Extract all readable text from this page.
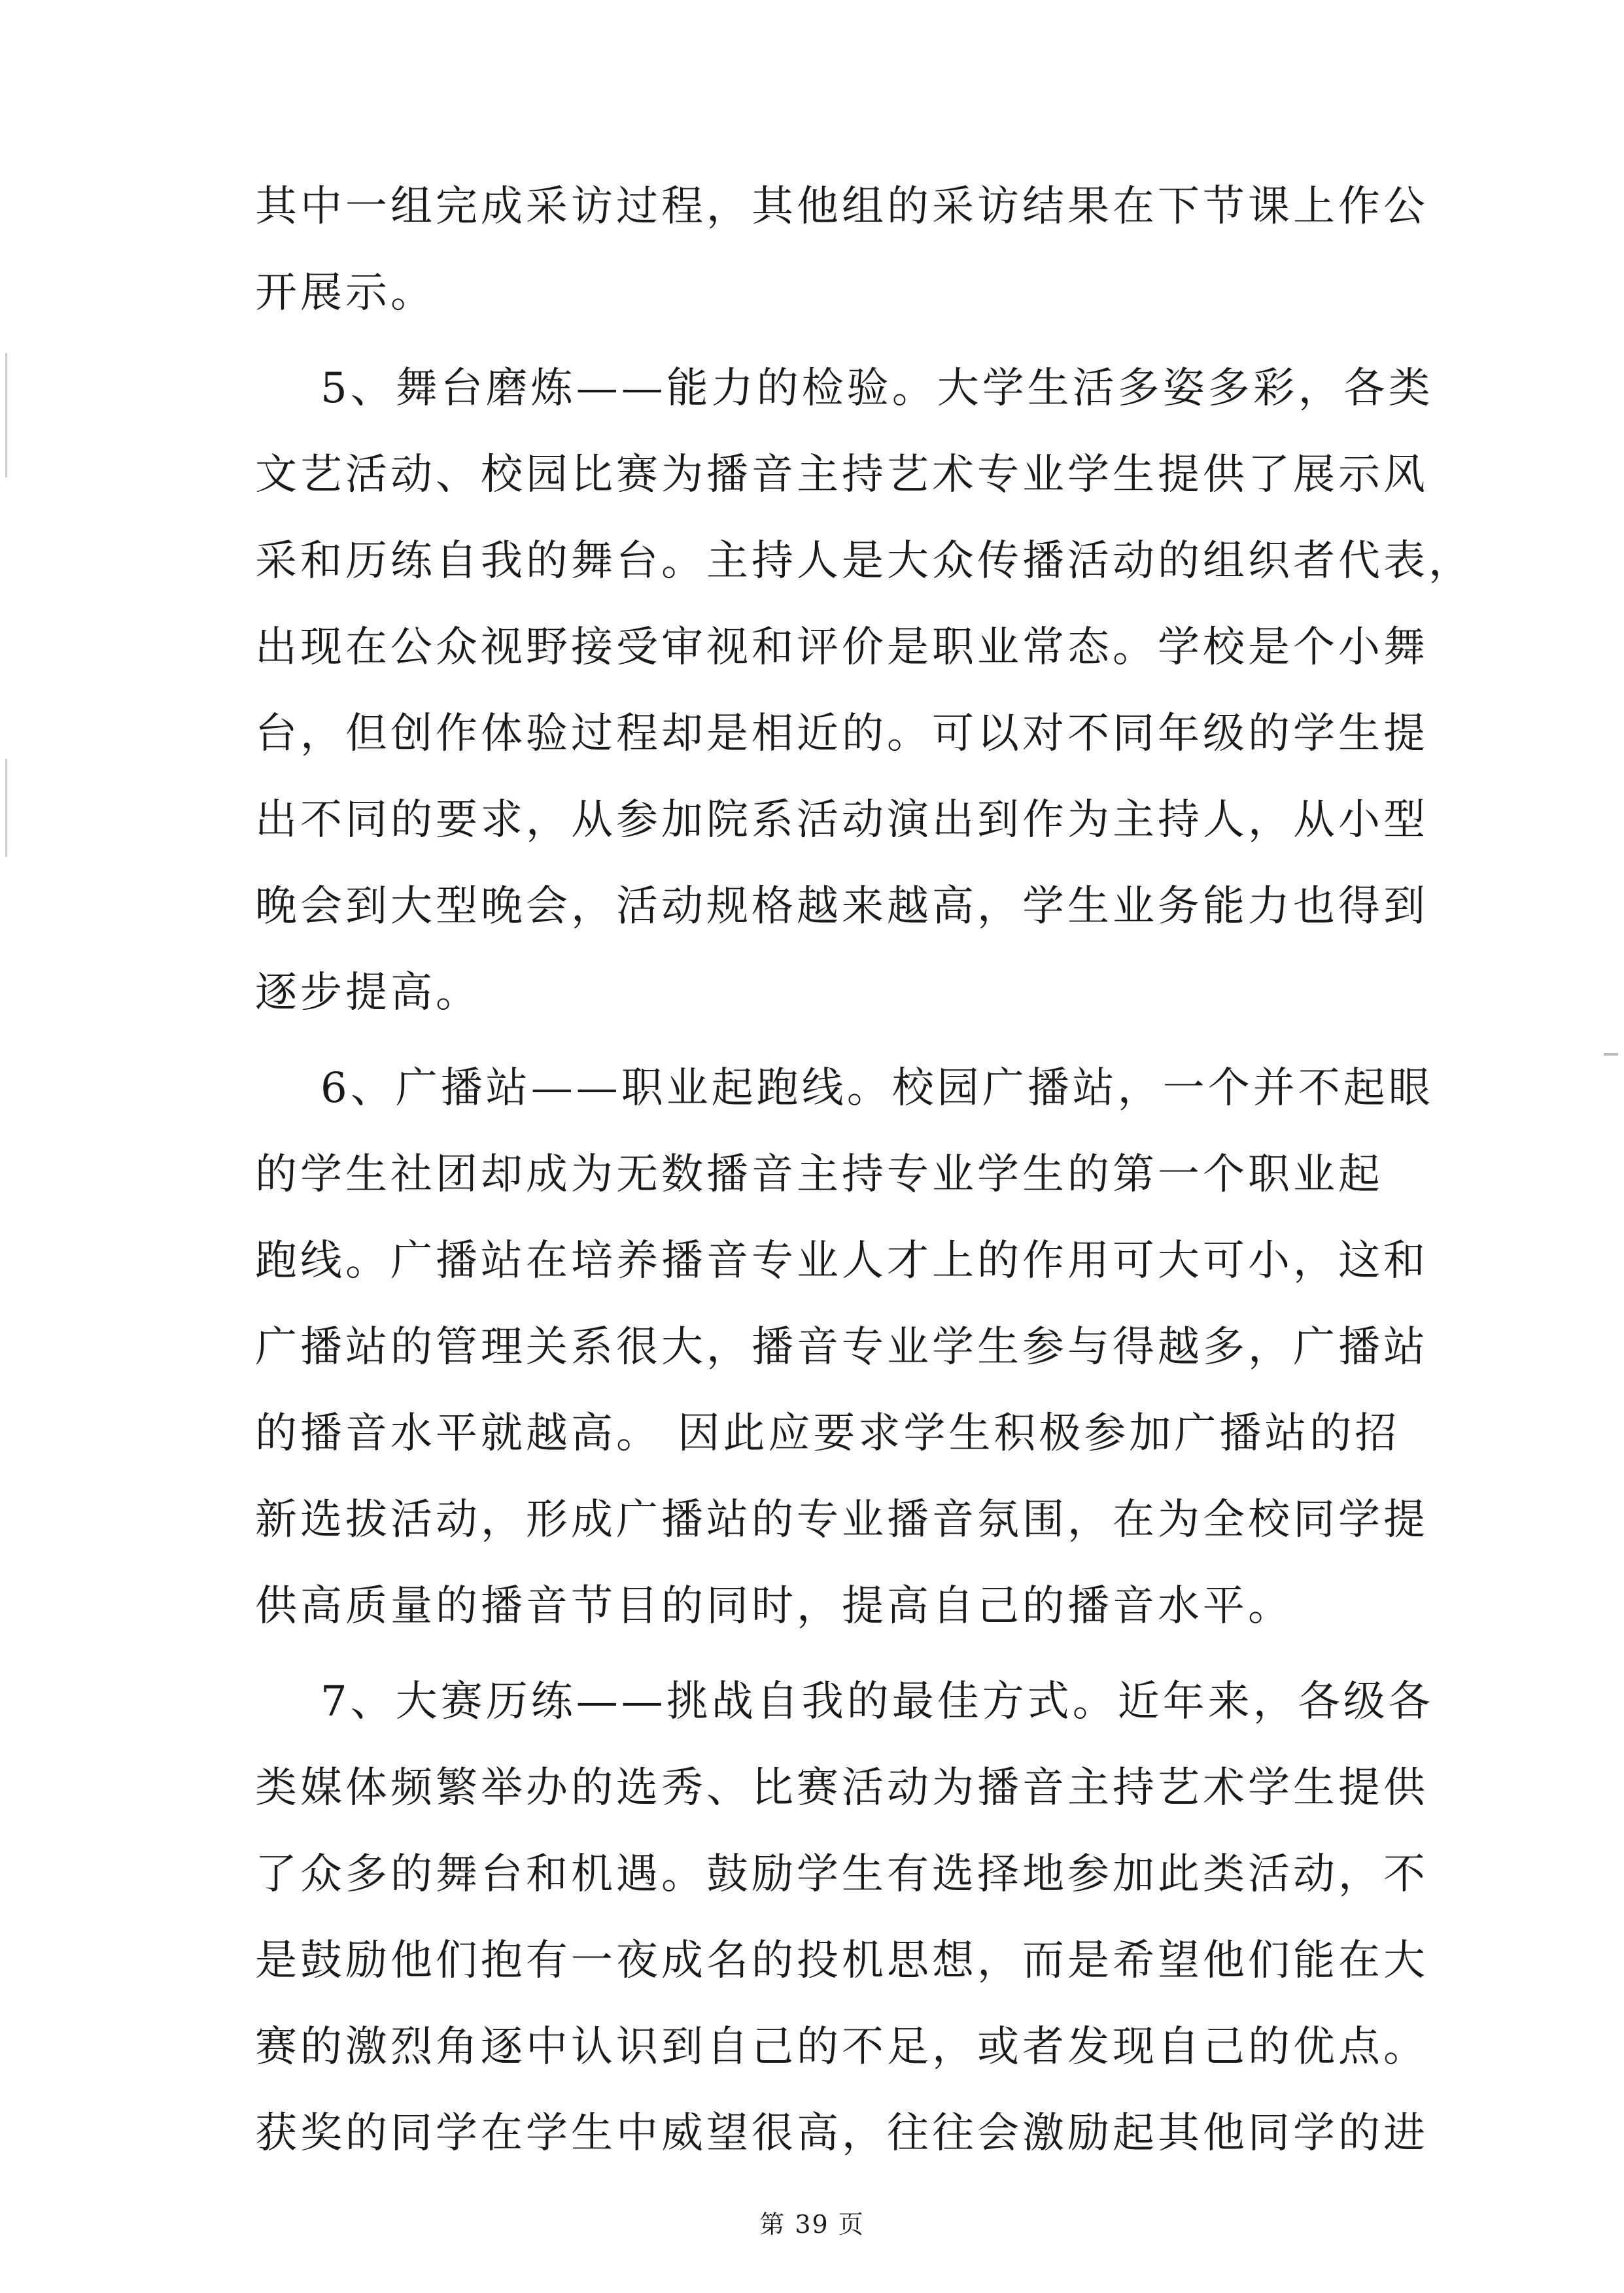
其中一组完成采访过程，其他组的采访结果在下节课上作公
开展示。
5、舞台磨炼——能力的检验。大学生活多姿多彩，各类
文艺活动、校园比赛为播音主持艺术专业学生提供了展示风
采和历练自我的舞台。主持人是大众传播活动的组织者代表，
出现在公众视野接受审视和评价是职业常态。学校是个小舞
台，但创作体验过程却是相近的。可以对不同年级的学生提
出不同的要求，从参加院系活动演出到作为主持人，从小型
晚会到大型晚会，活动规格越来越高，学生业务能力也得到
逐步提高。
6、广播站——职业起跑线。校园广播站，一个并不起眼
的学生社团却成为无数播音主持专业学生的第一个职业起
跑线。广播站在培养播音专业人才上的作用可大可小，这和
广播站的管理关系很大，播音专业学生参与得越多，广播站
的播音水平就越高。 因此应要求学生积极参加广播站的招
新选拔活动，形成广播站的专业播音氛围，在为全校同学提
供高质量的播音节目的同时，提高自己的播音水平。
7、大赛历练——挑战自我的最佳方式。近年来，各级各
类媒体频繁举办的选秀、比赛活动为播音主持艺术学生提供
了众多的舞台和机遇。鼓励学生有选择地参加此类活动，不
是鼓励他们抱有一夜成名的投机思想，而是希望他们能在大
赛的激烈角逐中认识到自己的不足，或者发现自己的优点。
获奖的同学在学生中威望很高，往往会激励起其他同学的进
第 39 页
